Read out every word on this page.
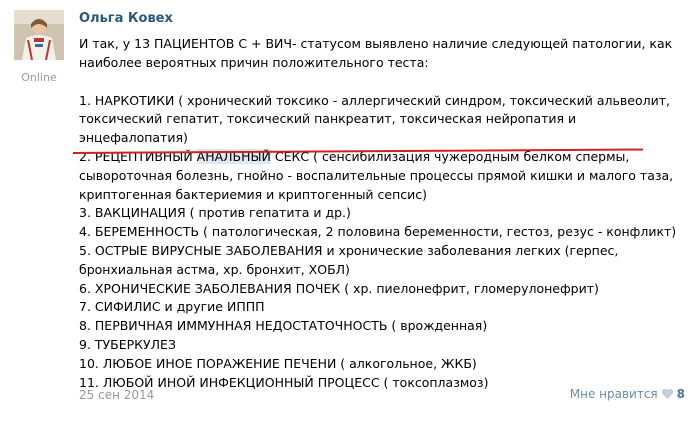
Online
Ольга Ковех

И так, у 13 ПАЦИЕНТОВ С + ВИЧ- статусом выявлено наличие следующей патологии, как наиболее вероятных причин положительного теста:

1. НАРКОТИКИ ( хронический токсико - аллергический синдром, токсический альвеолит, токсический гепатит, токсический панкреатит, токсическая нейропатия и энцефалопатия)
2. РЕЦЕПТИВНЫЙ АНАЛЬНЫЙ СЕКС ( сенсибилизация чужеродным белком спермы, сывороточная болезнь, гнойно - воспалительные процессы прямой кишки и малого таза, криптогенная бактериемия и криптогенный сепсис)
3. ВАКЦИНАЦИЯ ( против гепатита и др.)
4. БЕРЕМЕННОСТЬ ( патологическая, 2 половина беременности, гестоз, резус - конфликт)
5. ОСТРЫЕ ВИРУСНЫЕ ЗАБОЛЕВАНИЯ и хронические заболевания легких (герпес, бронхиальная астма, хр. бронхит, ХОБЛ)
6. ХРОНИЧЕСКИЕ ЗАБОЛЕВАНИЯ ПОЧЕК ( хр. пиелонефрит, гломерулонефрит)
7. СИФИЛИС и другие ИППП
8. ПЕРВИЧНАЯ ИММУННАЯ НЕДОСТАТОЧНОСТЬ ( врожденная)
9. ТУБЕРКУЛЕЗ
10. ЛЮБОЕ ИНОЕ ПОРАЖЕНИЕ ПЕЧЕНИ ( алкогольное, ЖКБ)
11. ЛЮБОЙ ИНОЙ ИНФЕКЦИОННЫЙ ПРОЦЕСС ( токсоплазмоз)
25 сен 2014	Мне нравится 8
